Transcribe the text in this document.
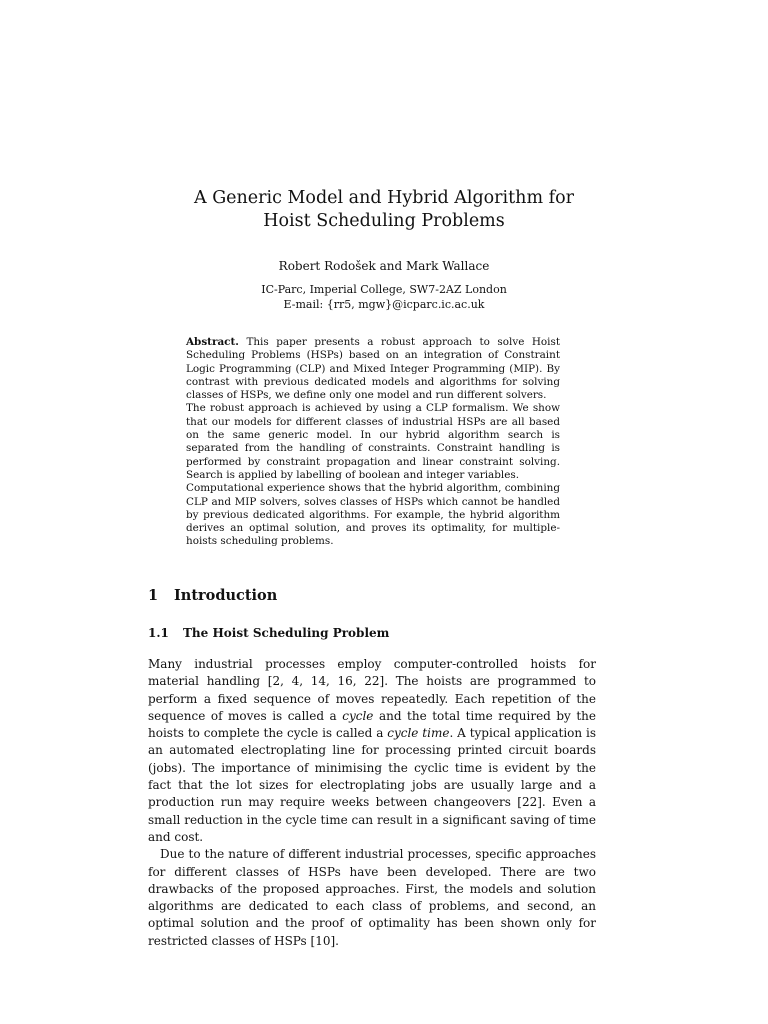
A Generic Model and Hybrid Algorithm for
Hoist Scheduling Problems
Robert Rodošek and Mark Wallace
IC-Parc, Imperial College, SW7-2AZ London
E-mail: {rr5, mgw}@icparc.ic.ac.uk

Abstract. This paper presents a robust approach to solve Hoist Scheduling Problems (HSPs) based on an integration of Constraint Logic Programming (CLP) and Mixed Integer Programming (MIP). By contrast with previous dedicated models and algorithms for solving classes of HSPs, we define only one model and run different solvers.

The robust approach is achieved by using a CLP formalism. We show that our models for different classes of industrial HSPs are all based on the same generic model. In our hybrid algorithm search is separated from the handling of constraints. Constraint handling is performed by constraint propagation and linear constraint solving. Search is applied by labelling of boolean and integer variables.

Computational experience shows that the hybrid algorithm, combining CLP and MIP solvers, solves classes of HSPs which cannot be handled by previous dedicated algorithms. For example, the hybrid algorithm derives an optimal solution, and proves its optimality, for multiple-hoists scheduling problems.

1 Introduction
1.1 The Hoist Scheduling Problem

Many industrial processes employ computer-controlled hoists for material handling [2, 4, 14, 16, 22]. The hoists are programmed to perform a fixed sequence of moves repeatedly. Each repetition of the sequence of moves is called a cycle and the total time required by the hoists to complete the cycle is called a cycle time. A typical application is an automated electroplating line for processing printed circuit boards (jobs). The importance of minimising the cyclic time is evident by the fact that the lot sizes for electroplating jobs are usually large and a production run may require weeks between changeovers [22]. Even a small reduction in the cycle time can result in a significant saving of time and cost.

Due to the nature of different industrial processes, specific approaches for different classes of HSPs have been developed. There are two drawbacks of the proposed approaches. First, the models and solution algorithms are dedicated to each class of problems, and second, an optimal solution and the proof of optimality has been shown only for restricted classes of HSPs [10].
